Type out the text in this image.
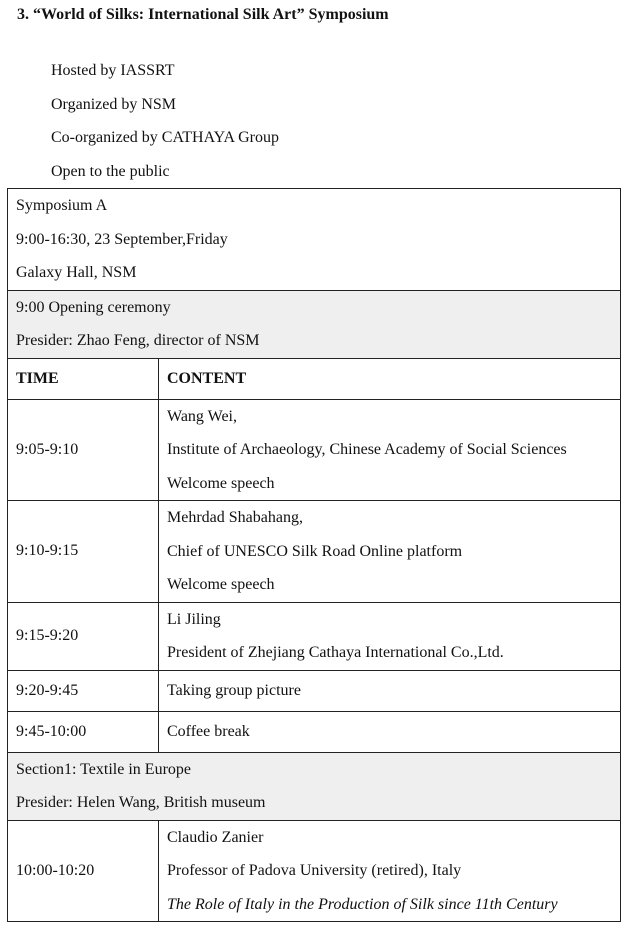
3. “World of Silks: International Silk Art” Symposium
Hosted by IASSRT
Organized by NSM
Co-organized by CATHAYA Group
Open to the public
Symposium A
9:00-16:30, 23 September,Friday
Galaxy Hall, NSM	

9:00 Opening ceremony
Presider: Zhao Feng, director of NSM	

TIME	CONTENT
9:05-9:10	Wang Wei,
Institute of Archaeology, Chinese Academy of Social Sciences
Welcome speech

9:10-9:15	Mehrdad Shabahang,
Chief of UNESCO Silk Road Online platform
Welcome speech

9:15-9:20	Li Jiling
President of Zhejiang Cathaya International Co.,Ltd.

9:20-9:45	Taking group picture
9:45-10:00	Coffee break

Section1: Textile in Europe
Presider: Helen Wang, British museum	

10:00-10:20	Claudio Zanier
Professor of Padova University (retired), Italy
The Role of Italy in the Production of Silk since 11th Century
